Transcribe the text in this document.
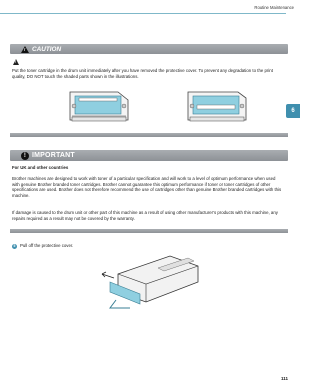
Routine Maintenance
6
! CAUTION
!
Put the toner cartridge in the drum unit immediately after you have removed the protective cover. To prevent any degradation to the print quality, DO NOT touch the shaded parts shown in the illustrations.
! IMPORTANT
For UK and other countries
Brother machines are designed to work with toner of a particular specification and will work to a level of optimum performance when used with genuine Brother branded toner cartridges. Brother cannot guarantee this optimum performance if toner or toner cartridges of other specifications are used. Brother does not therefore recommend the use of cartridges other than genuine Brother branded cartridges with this machine.
If damage is caused to the drum unit or other part of this machine as a result of using other manufacturer's products with this machine, any repairs required as a result may not be covered by the warranty.
5	Pull off the protective cover.
111
